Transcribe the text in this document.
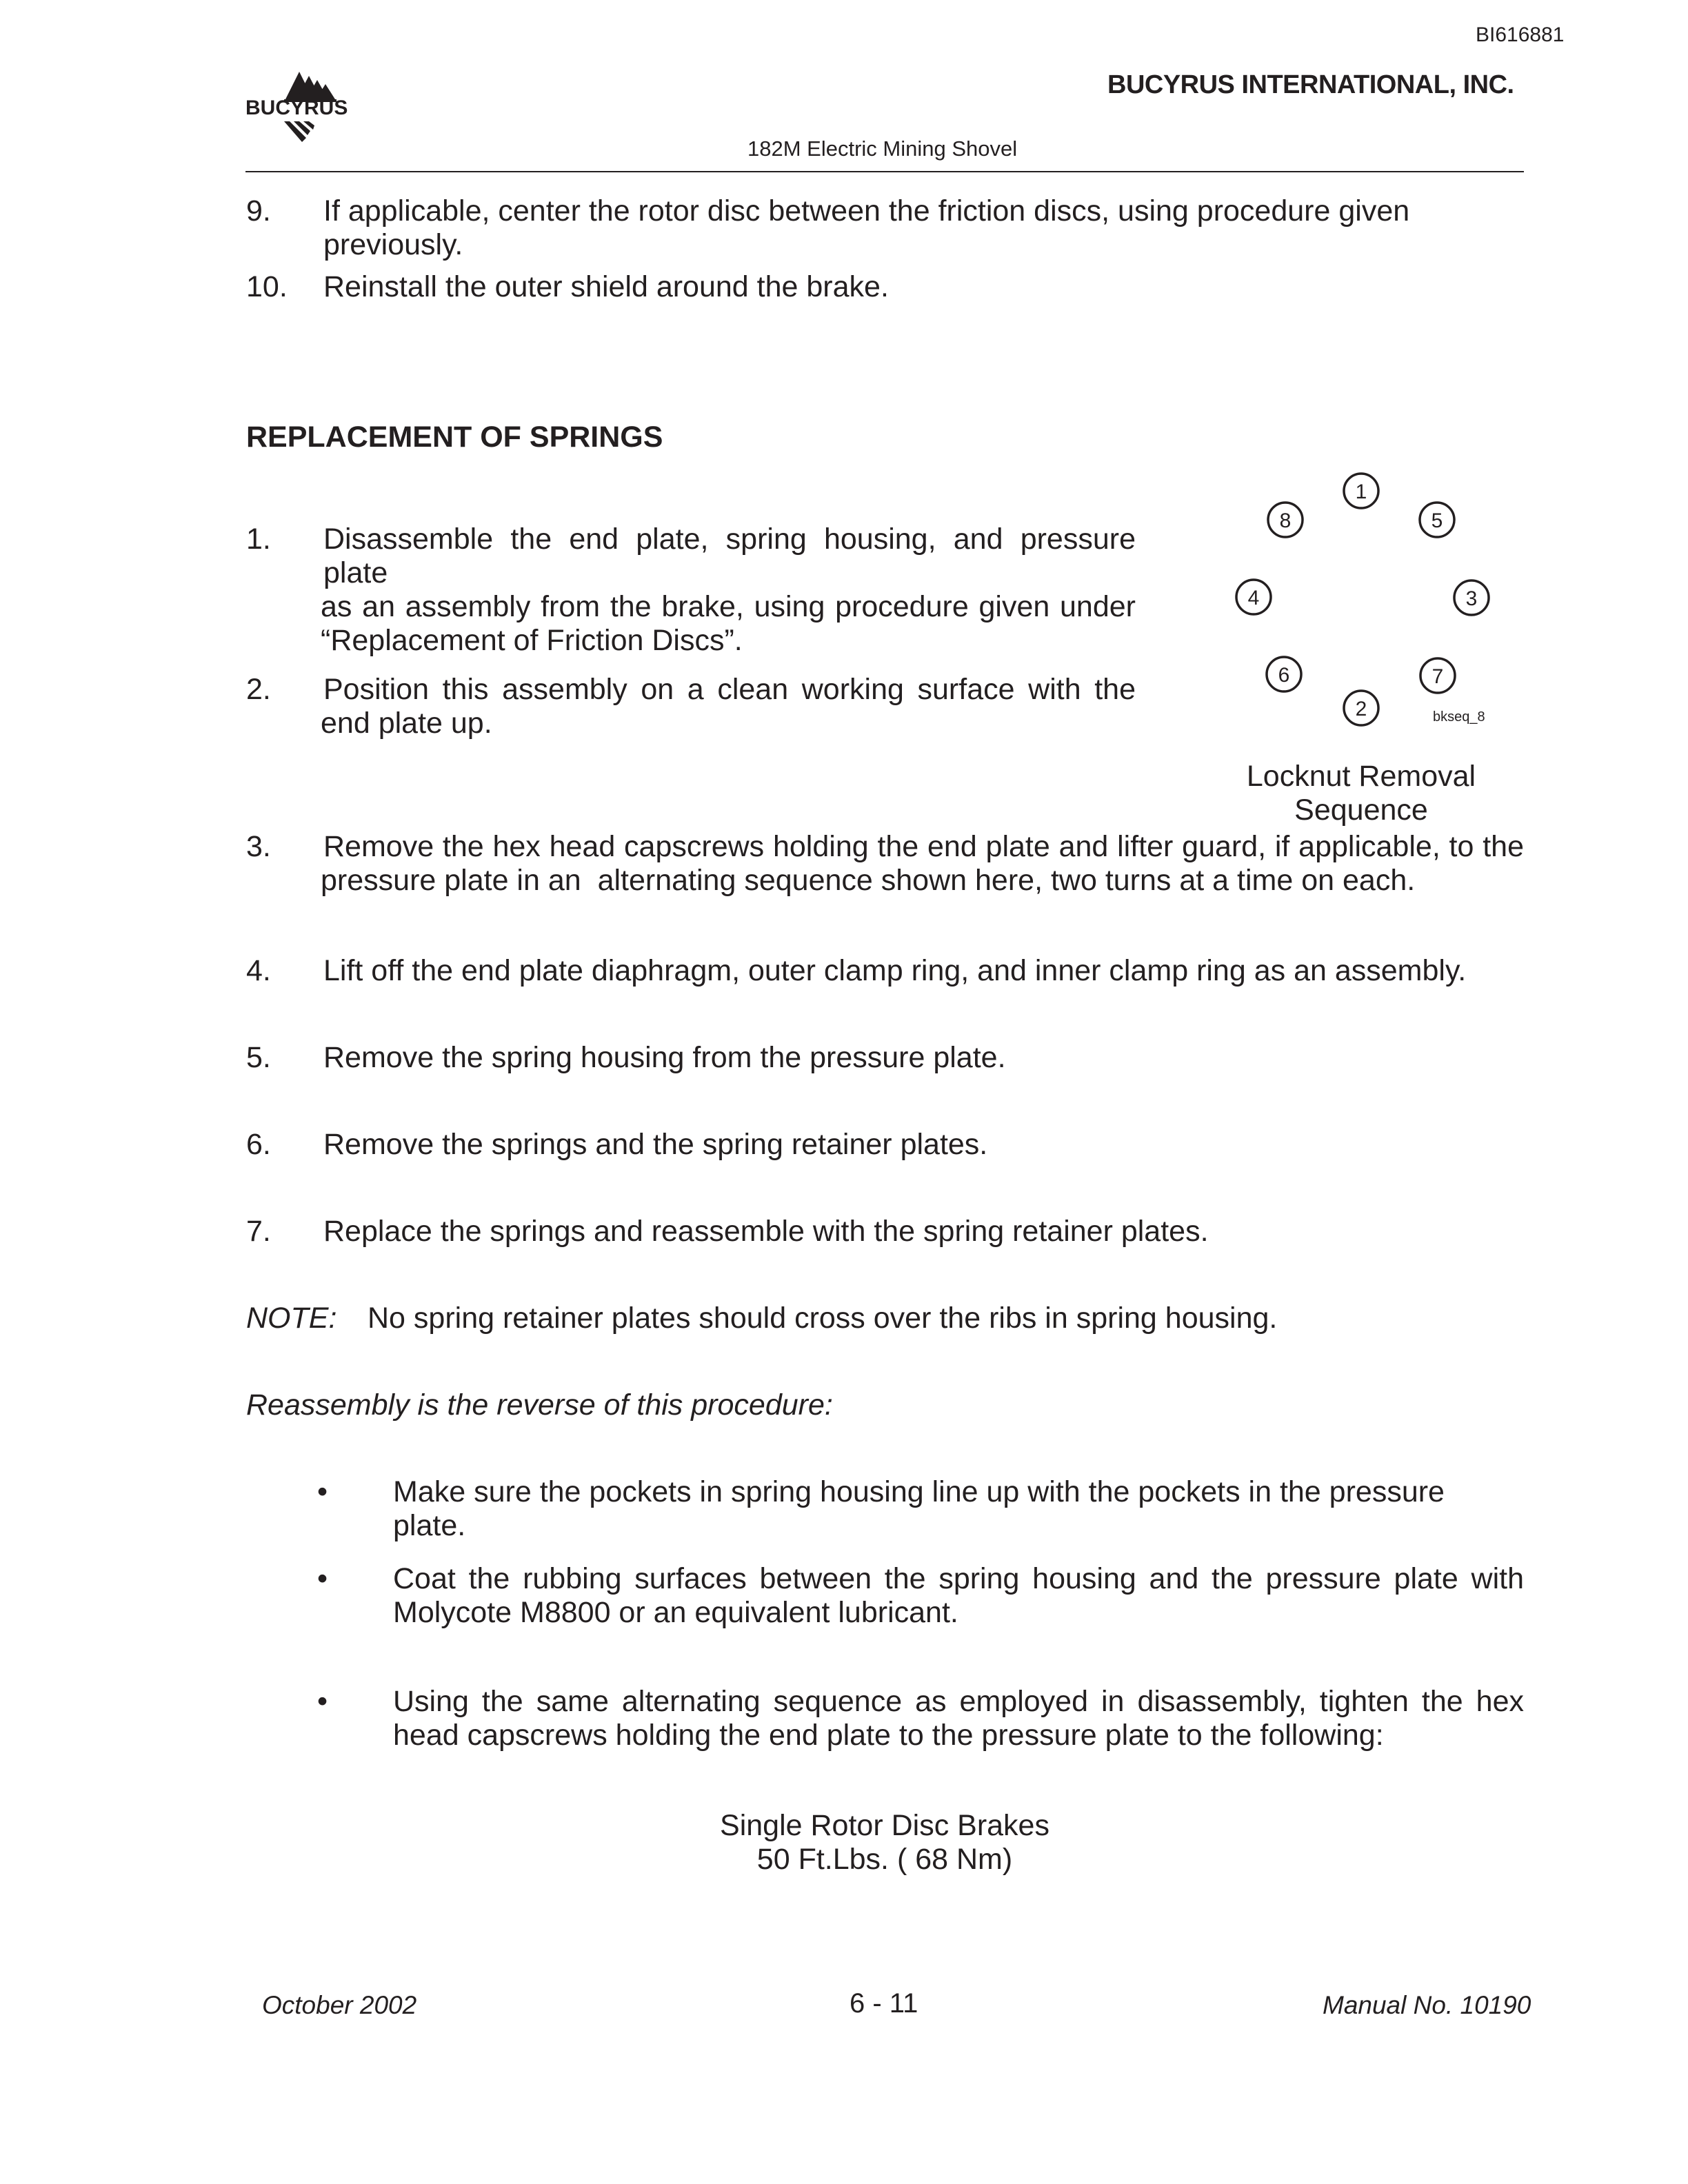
BI616881
BUCYRUS
BUCYRUS INTERNATIONAL, INC.
182M Electric Mining Shovel
9. If applicable, center the rotor disc between the friction discs, using procedure given previously.
10. Reinstall the outer shield around the brake.
REPLACEMENT OF SPRINGS
1. Disassemble the end plate, spring housing, and pressure plate
as an assembly from the brake, using procedure given under
“Replacement of Friction Discs”.
2. Position this assembly on a clean working surface with the
end plate up.
1
5
3
7
2
6
4
8
bkseq_8
Locknut Removal
Sequence
3. Remove the hex head capscrews holding the end plate and lifter guard, if applicable, to the
pressure plate in an  alternating sequence shown here, two turns at a time on each.
4. Lift off the end plate diaphragm, outer clamp ring, and inner clamp ring as an assembly.
5. Remove the spring housing from the pressure plate.
6. Remove the springs and the spring retainer plates.
7. Replace the springs and reassemble with the spring retainer plates.
NOTE: No spring retainer plates should cross over the ribs in spring housing.
Reassembly is the reverse of this procedure:
• Make sure the pockets in spring housing line up with the pockets in the pressure plate.
• Coat the rubbing surfaces between the spring housing and the pressure plate with
Molycote M8800 or an equivalent lubricant.
• Using the same alternating sequence as employed in disassembly, tighten the hex
head capscrews holding the end plate to the pressure plate to the following:
Single Rotor Disc Brakes
50 Ft.Lbs. ( 68 Nm)
October 2002	6 - 11	Manual No. 10190
